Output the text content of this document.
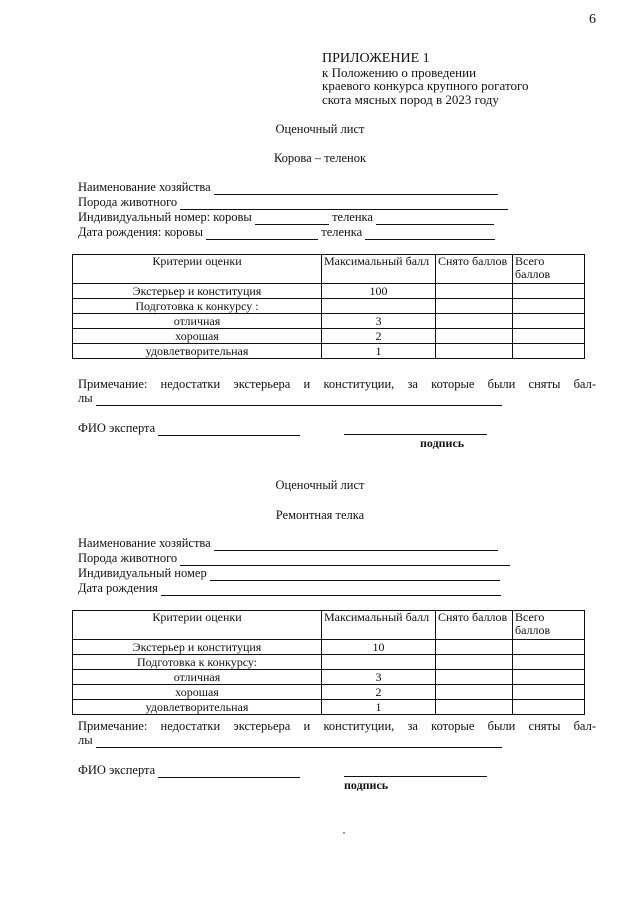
6
ПРИЛОЖЕНИЕ 1
к Положению о проведении
краевого конкурса крупного рогатого
скота мясных пород в 2023 году
Оценочный лист
Корова – теленок
Наименование хозяйства
Порода животного
Индивидуальный номер: коровы	теленка
Дата рождения: коровы	теленка
Критерии оценки	Максимальный балл	Снято баллов	Всего баллов
Экстерьер и конституция	100		
Подготовка к конкурсу :			
отличная	3		
хорошая	2		
удовлетворительная	1		
Примечание: недостатки экстерьера и конституции, за которые были сняты бал-
лы
ФИО эксперта
подпись
Оценочный лист
Ремонтная телка
Наименование хозяйства
Порода животного
Индивидуальный номер
Дата рождения
Критерии оценки	Максимальный балл	Снято баллов	Всего баллов
Экстерьер и конституция	10		
Подготовка к конкурсу:			
отличная	3		
хорошая	2		
удовлетворительная	1		
Примечание: недостатки экстерьера и конституции, за которые были сняты бал-
лы
ФИО эксперта
подпись
